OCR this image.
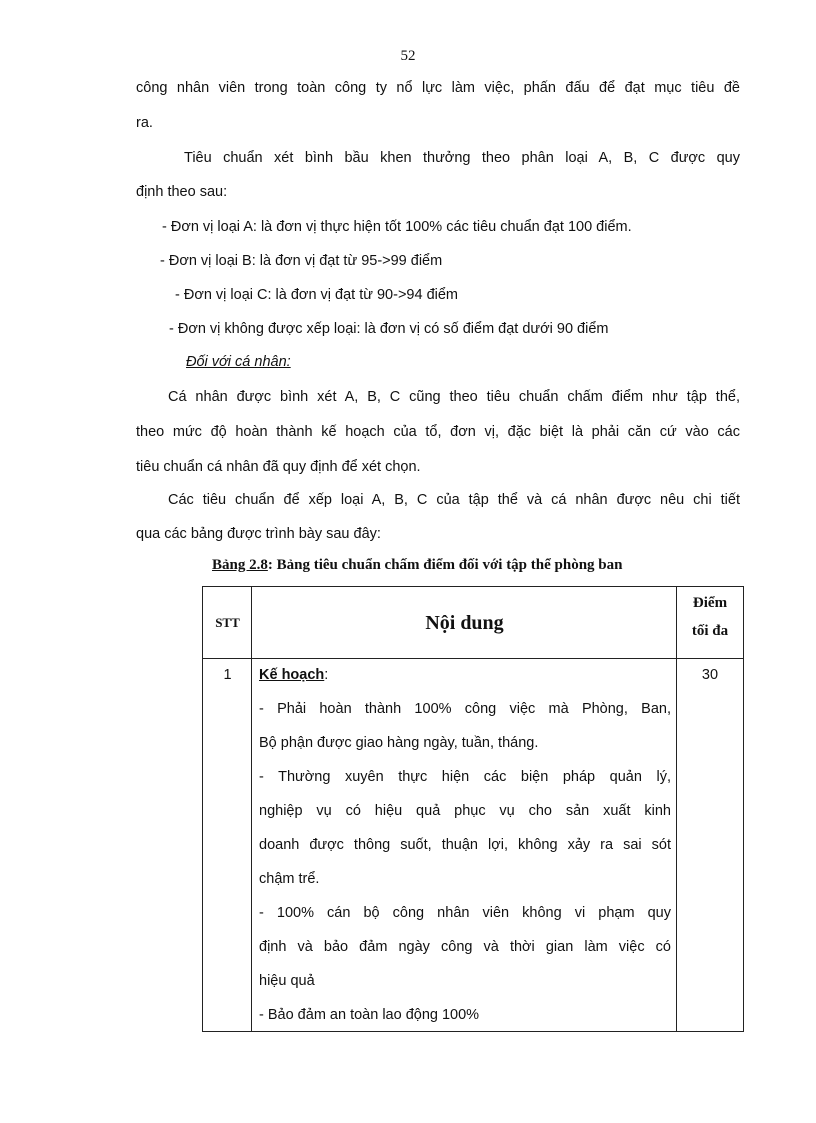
52
công nhân viên trong toàn công ty nổ lực làm việc, phấn đấu để đạt mục tiêu đề
ra.
Tiêu chuẩn xét bình bầu khen thưởng theo phân loại A, B, C được quy
định theo sau:
- Đơn vị loại A: là đơn vị thực hiện tốt 100% các tiêu chuẩn đạt 100 điểm.
- Đơn vị loại B: là đơn vị đạt từ 95->99 điểm
- Đơn vị loại C: là đơn vị đạt từ 90->94 điểm
- Đơn vị không được xếp loại: là đơn vị có số điểm đạt dưới 90 điểm
Đối với cá nhân:
Cá nhân được bình xét A, B, C cũng theo tiêu chuẩn chấm điểm như tập thể,
theo mức độ hoàn thành kế hoạch của tổ, đơn vị, đặc biệt là phải căn cứ vào các
tiêu chuẩn cá nhân đã quy định để xét chọn.
Các tiêu chuẩn để xếp loại A, B, C của tập thể và cá nhân được nêu chi tiết
qua các bảng được trình bày sau đây:
Bảng 2.8: Bảng tiêu chuẩn chấm điểm đối với tập thể phòng ban
STT	Nội dung
Điểm
tối đa
1	30
Kế hoạch:
- Phải hoàn thành 100% công việc mà Phòng, Ban,
Bộ phận được giao hàng ngày, tuần, tháng.
- Thường xuyên thực hiện các biện pháp quản lý,
nghiệp vụ có hiệu quả phục vụ cho sản xuất kinh
doanh được thông suốt, thuận lợi, không xảy ra sai sót
chậm trể.
- 100% cán bộ công nhân viên không vi phạm quy
định và bảo đảm ngày công và thời gian làm việc có
hiệu quả
- Bảo đảm an toàn lao động 100%
